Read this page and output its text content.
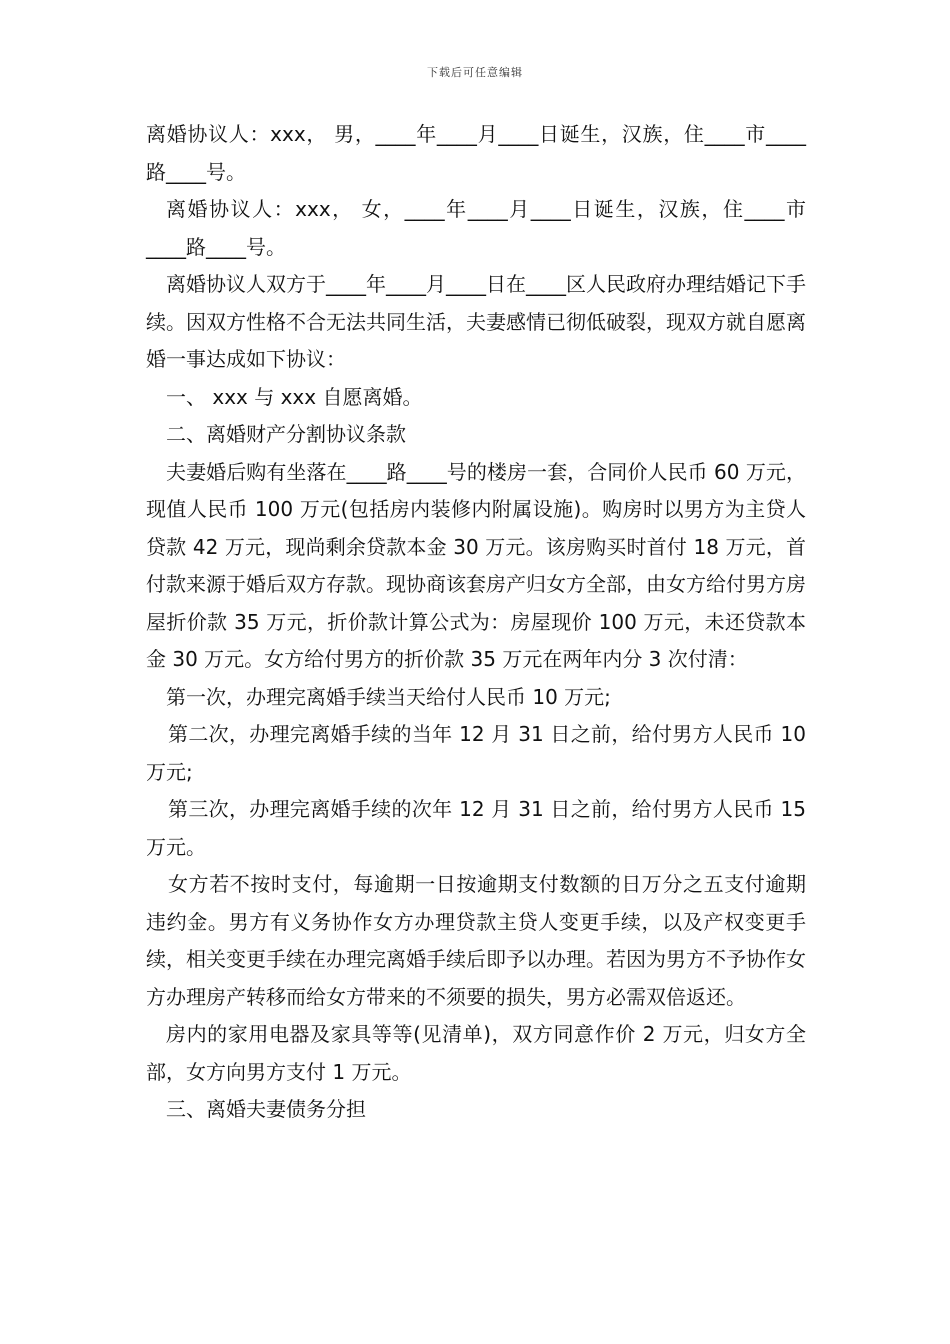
下载后可任意编辑

离婚协议人：xxx， 男，____年____月____日诞生，汉族，住____市____路____号。

离婚协议人：xxx， 女，____年____月____日诞生，汉族，住____市____路____号。

离婚协议人双方于____年____月____日在____区人民政府办理结婚记下手续。因双方性格不合无法共同生活，夫妻感情已彻低破裂，现双方就自愿离婚一事达成如下协议：

一、 xxx 与 xxx 自愿离婚。

二、离婚财产分割协议条款

夫妻婚后购有坐落在____路____号的楼房一套，合同价人民币 60 万元，现值人民币 100 万元(包括房内装修内附属设施)。购房时以男方为主贷人贷款 42 万元，现尚剩余贷款本金 30 万元。该房购买时首付 18 万元，首付款来源于婚后双方存款。现协商该套房产归女方全部，由女方给付男方房屋折价款 35 万元，折价款计算公式为：房屋现价 100 万元，未还贷款本金 30 万元。女方给付男方的折价款 35 万元在两年内分 3 次付清：

第一次，办理完离婚手续当天给付人民币 10 万元;

第二次，办理完离婚手续的当年 12 月 31 日之前，给付男方人民币 10 万元;

第三次，办理完离婚手续的次年 12 月 31 日之前，给付男方人民币 15 万元。

女方若不按时支付，每逾期一日按逾期支付数额的日万分之五支付逾期违约金。男方有义务协作女方办理贷款主贷人变更手续，以及产权变更手续，相关变更手续在办理完离婚手续后即予以办理。若因为男方不予协作女方办理房产转移而给女方带来的不须要的损失，男方必需双倍返还。

房内的家用电器及家具等等(见清单)，双方同意作价 2 万元，归女方全部，女方向男方支付 1 万元。

三、离婚夫妻债务分担
